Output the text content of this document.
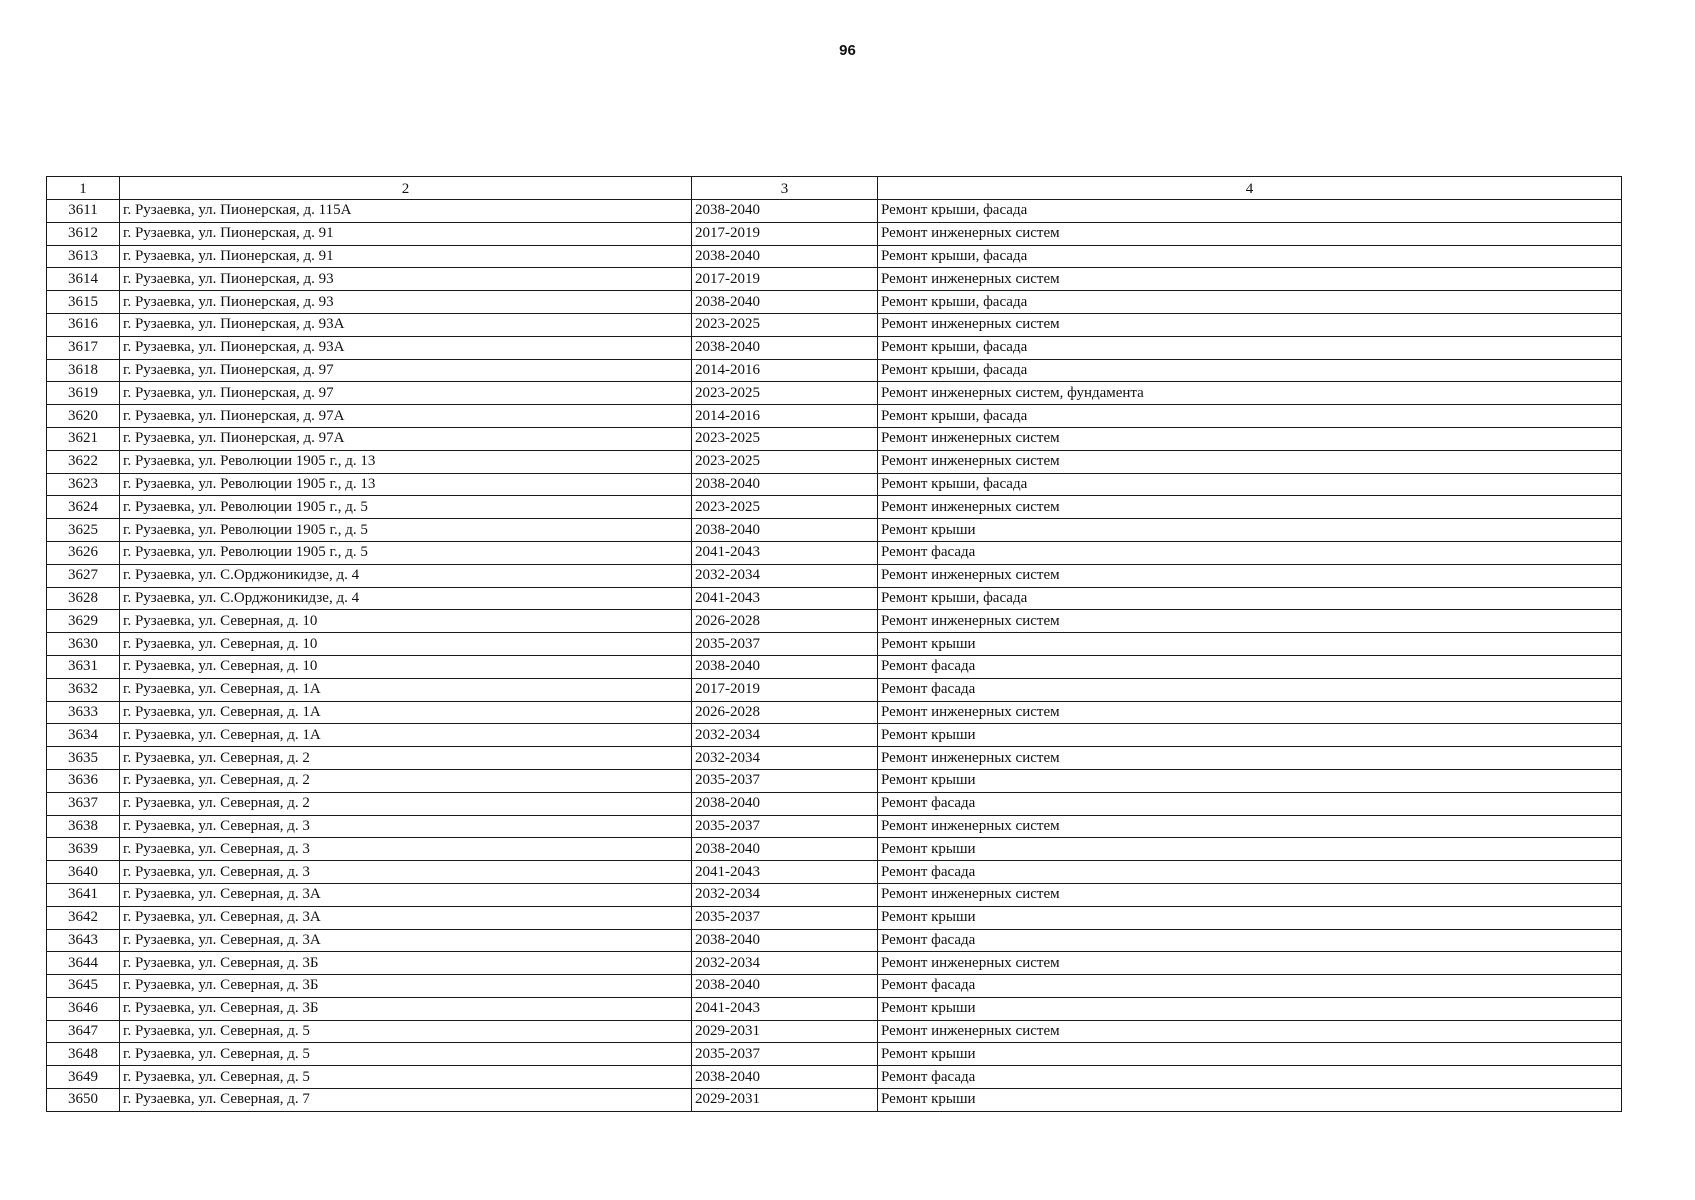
96
1	2	3	4
3611	г. Рузаевка, ул. Пионерская, д. 115А	2038-2040	Ремонт крыши, фасада
3612	г. Рузаевка, ул. Пионерская, д. 91	2017-2019	Ремонт инженерных систем
3613	г. Рузаевка, ул. Пионерская, д. 91	2038-2040	Ремонт крыши, фасада
3614	г. Рузаевка, ул. Пионерская, д. 93	2017-2019	Ремонт инженерных систем
3615	г. Рузаевка, ул. Пионерская, д. 93	2038-2040	Ремонт крыши, фасада
3616	г. Рузаевка, ул. Пионерская, д. 93А	2023-2025	Ремонт инженерных систем
3617	г. Рузаевка, ул. Пионерская, д. 93А	2038-2040	Ремонт крыши, фасада
3618	г. Рузаевка, ул. Пионерская, д. 97	2014-2016	Ремонт крыши, фасада
3619	г. Рузаевка, ул. Пионерская, д. 97	2023-2025	Ремонт инженерных систем, фундамента
3620	г. Рузаевка, ул. Пионерская, д. 97А	2014-2016	Ремонт крыши, фасада
3621	г. Рузаевка, ул. Пионерская, д. 97А	2023-2025	Ремонт инженерных систем
3622	г. Рузаевка, ул. Революции 1905 г., д. 13	2023-2025	Ремонт инженерных систем
3623	г. Рузаевка, ул. Революции 1905 г., д. 13	2038-2040	Ремонт крыши, фасада
3624	г. Рузаевка, ул. Революции 1905 г., д. 5	2023-2025	Ремонт инженерных систем
3625	г. Рузаевка, ул. Революции 1905 г., д. 5	2038-2040	Ремонт крыши
3626	г. Рузаевка, ул. Революции 1905 г., д. 5	2041-2043	Ремонт фасада
3627	г. Рузаевка, ул. С.Орджоникидзе, д. 4	2032-2034	Ремонт инженерных систем
3628	г. Рузаевка, ул. С.Орджоникидзе, д. 4	2041-2043	Ремонт крыши, фасада
3629	г. Рузаевка, ул. Северная, д. 10	2026-2028	Ремонт инженерных систем
3630	г. Рузаевка, ул. Северная, д. 10	2035-2037	Ремонт крыши
3631	г. Рузаевка, ул. Северная, д. 10	2038-2040	Ремонт фасада
3632	г. Рузаевка, ул. Северная, д. 1А	2017-2019	Ремонт фасада
3633	г. Рузаевка, ул. Северная, д. 1А	2026-2028	Ремонт инженерных систем
3634	г. Рузаевка, ул. Северная, д. 1А	2032-2034	Ремонт крыши
3635	г. Рузаевка, ул. Северная, д. 2	2032-2034	Ремонт инженерных систем
3636	г. Рузаевка, ул. Северная, д. 2	2035-2037	Ремонт крыши
3637	г. Рузаевка, ул. Северная, д. 2	2038-2040	Ремонт фасада
3638	г. Рузаевка, ул. Северная, д. 3	2035-2037	Ремонт инженерных систем
3639	г. Рузаевка, ул. Северная, д. 3	2038-2040	Ремонт крыши
3640	г. Рузаевка, ул. Северная, д. 3	2041-2043	Ремонт фасада
3641	г. Рузаевка, ул. Северная, д. 3А	2032-2034	Ремонт инженерных систем
3642	г. Рузаевка, ул. Северная, д. 3А	2035-2037	Ремонт крыши
3643	г. Рузаевка, ул. Северная, д. 3А	2038-2040	Ремонт фасада
3644	г. Рузаевка, ул. Северная, д. 3Б	2032-2034	Ремонт инженерных систем
3645	г. Рузаевка, ул. Северная, д. 3Б	2038-2040	Ремонт фасада
3646	г. Рузаевка, ул. Северная, д. 3Б	2041-2043	Ремонт крыши
3647	г. Рузаевка, ул. Северная, д. 5	2029-2031	Ремонт инженерных систем
3648	г. Рузаевка, ул. Северная, д. 5	2035-2037	Ремонт крыши
3649	г. Рузаевка, ул. Северная, д. 5	2038-2040	Ремонт фасада
3650	г. Рузаевка, ул. Северная, д. 7	2029-2031	Ремонт крыши
